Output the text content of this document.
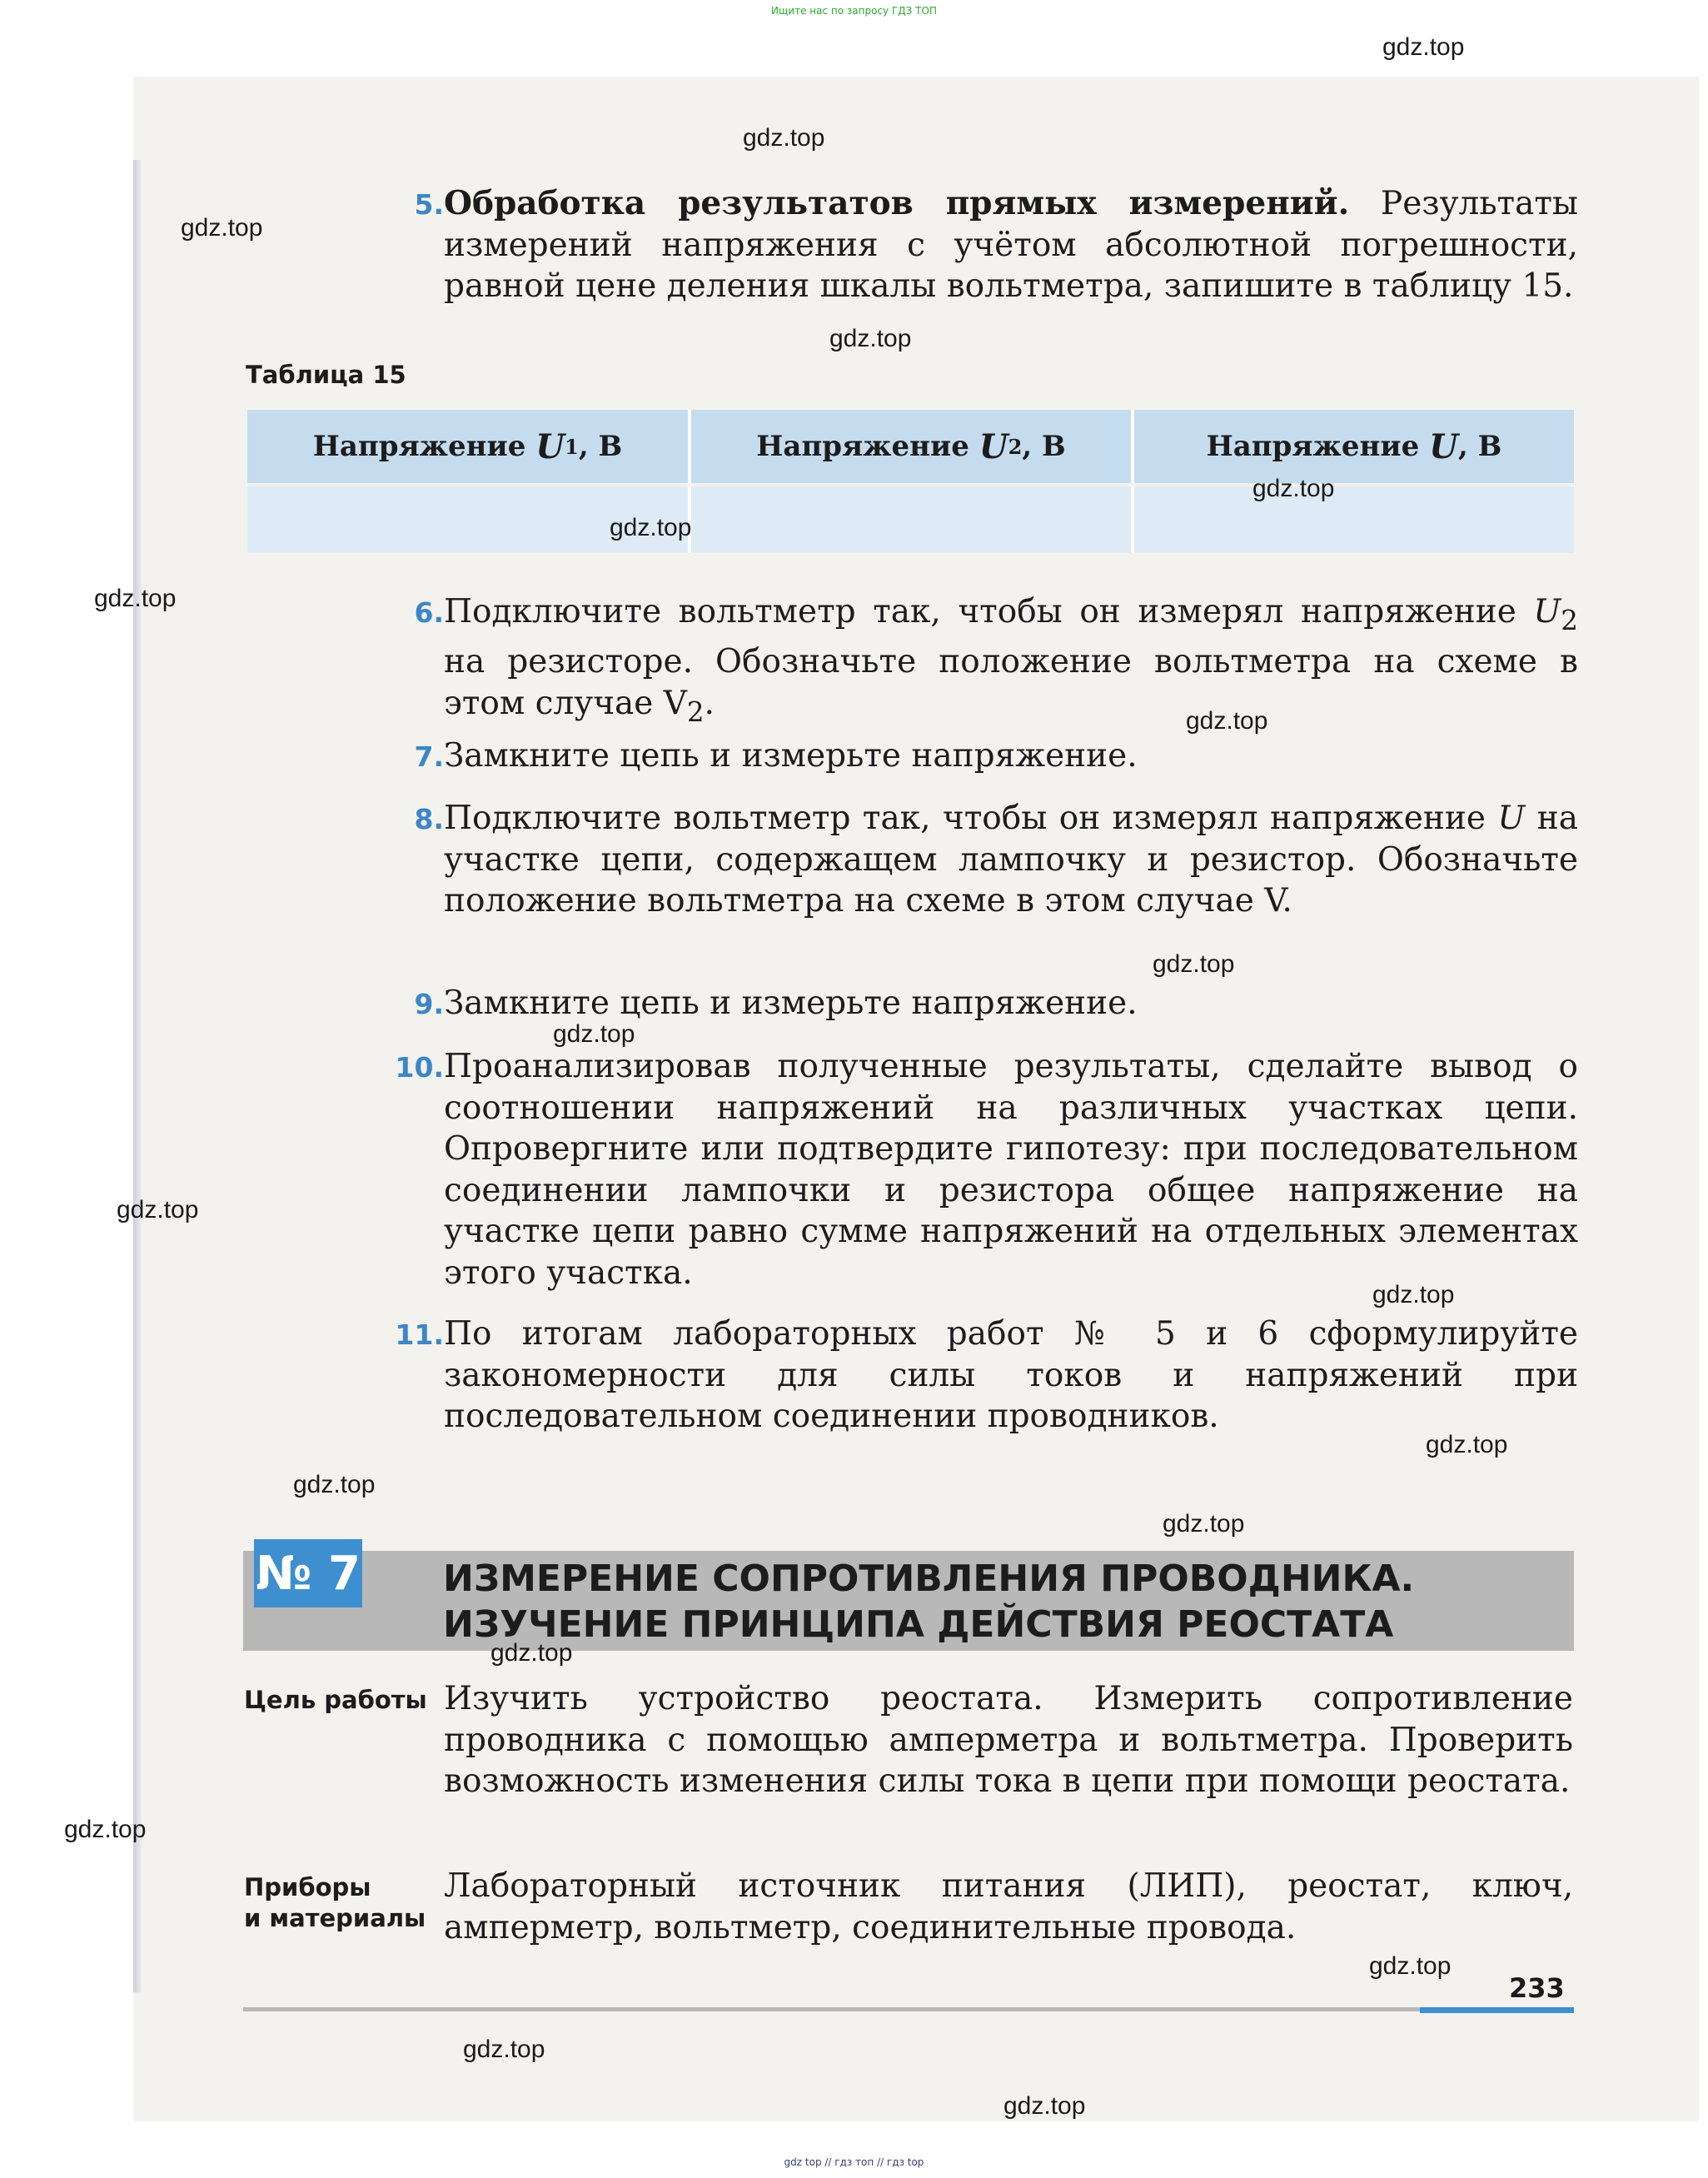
Ищите нас по запросу ГДЗ ТОП
5. Обработка результатов прямых измерений. Результаты измерений напряжения с учётом абсолютной погрешности, равной цене деления шкалы вольтметра, запишите в таблицу 15.
Таблица 15
Напряжение
U 1 , В	Напряжение
U 2 , В	Напряжение
U , В
6. Подключите вольтметр так, чтобы он измерял напряжение $U_2$ на резисторе. Обозначьте положение вольтметра на схеме в этом случае $V_2$.
7. Замкните цепь и измерьте напряжение.
8. Подключите вольтметр так, чтобы он измерял напряжение U на участке цепи, содержащем лампочку и резистор. Обозначьте положение вольтметра на схеме в этом случае V.
9. Замкните цепь и измерьте напряжение.
10. Проанализировав полученные результаты, сделайте вывод о соотношении напряжений на различных участках цепи. Опровергните или подтвердите гипотезу: при последовательном соединении лампочки и резистора общее напряжение на участке цепи равно сумме напряжений на отдельных элементах этого участка.
11. По итогам лабораторных работ № 5 и 6 сформулируйте закономерности для силы токов и напряжений при последовательном соединении проводников.
№ 7 ИЗМЕРЕНИЕ СОПРОТИВЛЕНИЯ ПРОВОДНИКА.
ИЗУЧЕНИЕ ПРИНЦИПА ДЕЙСТВИЯ РЕОСТАТА
Цель работы Изучить устройство реостата. Измерить сопротивление проводника с помощью амперметра и вольтметра. Проверить возможность изменения силы тока в цепи при помощи реостата.
Приборы
и материалы
Лабораторный источник питания (ЛИП), реостат, ключ, амперметр, вольтметр, соединительные провода.
233
gdz.top
gdz.top
gdz.top
gdz.top
gdz.top
gdz.top
gdz.top
gdz.top
gdz.top
gdz.top
gdz.top
gdz.top
gdz.top
gdz.top
gdz.top
gdz.top
gdz.top
gdz.top
gdz.top
gdz.top
gdz top // гдз топ // гдз top
